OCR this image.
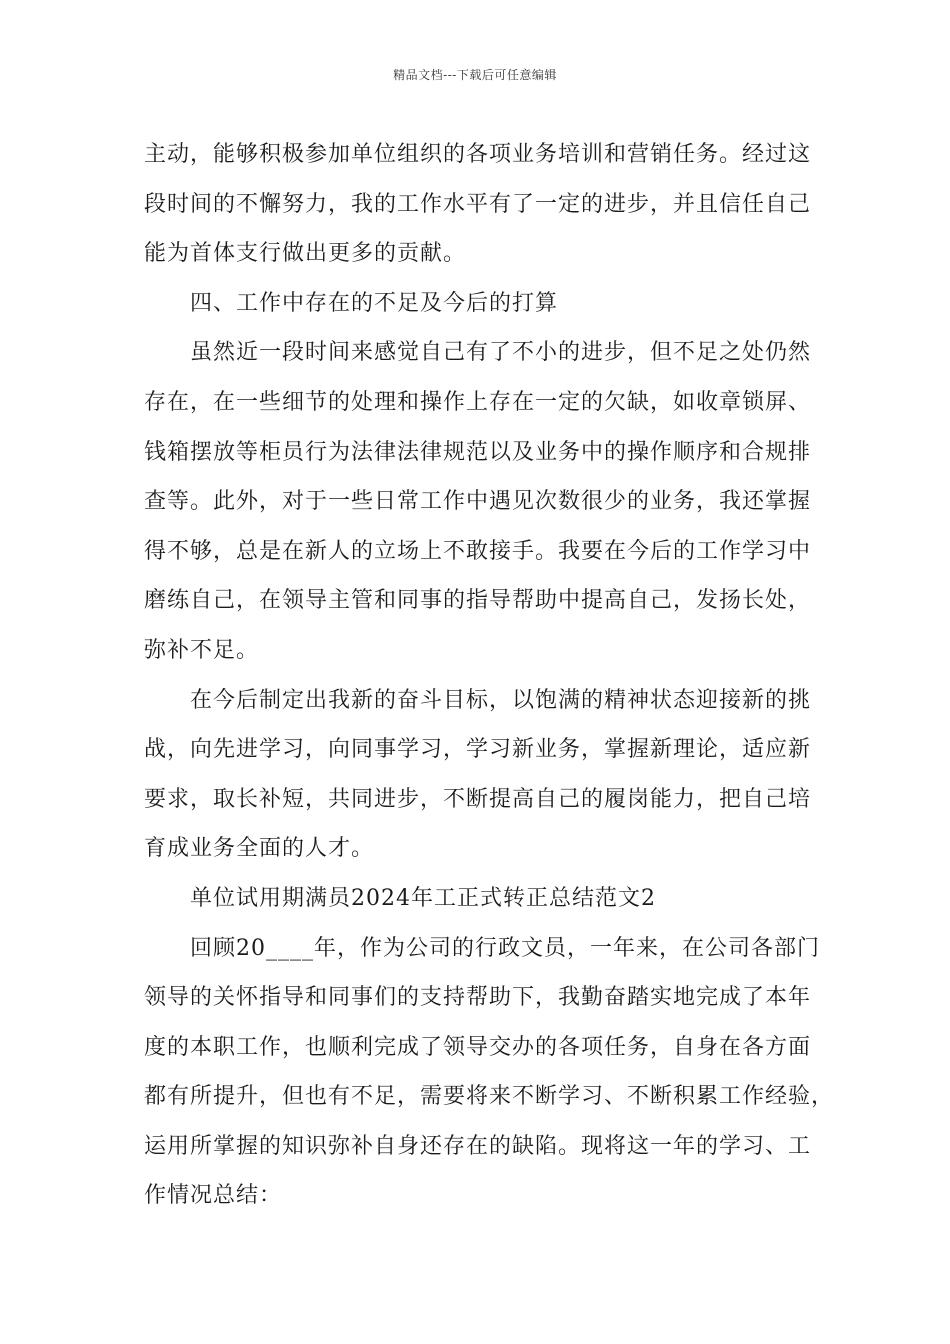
精品文档---下载后可任意编辑
主动，能够积极参加单位组织的各项业务培训和营销任务。经过这
段时间的不懈努力，我的工作水平有了一定的进步，并且信任自己
能为首体支行做出更多的贡献。
四、工作中存在的不足及今后的打算
虽然近一段时间来感觉自己有了不小的进步，但不足之处仍然
存在，在一些细节的处理和操作上存在一定的欠缺，如收章锁屏、
钱箱摆放等柜员行为法律法律规范以及业务中的操作顺序和合规排
查等。此外，对于一些日常工作中遇见次数很少的业务，我还掌握
得不够，总是在新人的立场上不敢接手。我要在今后的工作学习中
磨练自己，在领导主管和同事的指导帮助中提高自己，发扬长处，
弥补不足。
在今后制定出我新的奋斗目标，以饱满的精神状态迎接新的挑
战，向先进学习，向同事学习，学习新业务，掌握新理论，适应新
要求，取长补短，共同进步，不断提高自己的履岗能力，把自己培
育成业务全面的人才。
单位试用期满员2024年工正式转正总结范文2
回顾20____年，作为公司的行政文员，一年来，在公司各部门
领导的关怀指导和同事们的支持帮助下，我勤奋踏实地完成了本年
度的本职工作，也顺利完成了领导交办的各项任务，自身在各方面
都有所提升，但也有不足，需要将来不断学习、不断积累工作经验，
运用所掌握的知识弥补自身还存在的缺陷。现将这一年的学习、工
作情况总结：
